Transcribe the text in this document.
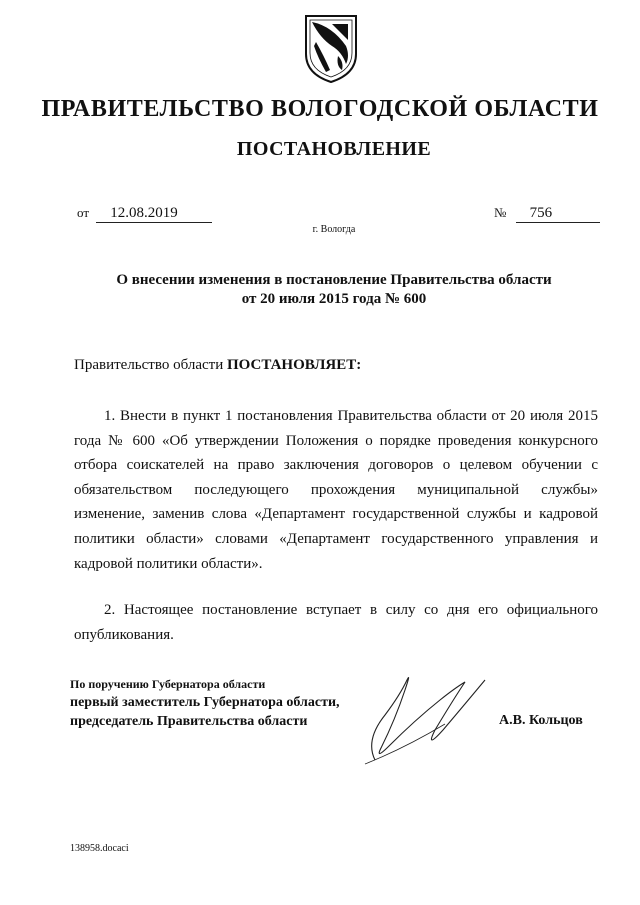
ПРАВИТЕЛЬСТВО ВОЛОГОДСКОЙ ОБЛАСТИ
ПОСТАНОВЛЕНИЕ
от 12.08.2019	№ 756
г. Вологда
О внесении изменения в постановление Правительства области
от 20 июля 2015 года № 600
Правительство области ПОСТАНОВЛЯЕТ:
1. Внести в пункт 1 постановления Правительства области от 20 июля 2015 года № 600 «Об утверждении Положения о порядке проведения конкурсного отбора соискателей на право заключения договоров о целевом обучении с обязательством последующего прохождения муниципальной службы» изменение, заменив слова «Департамент государственной службы и кадровой политики области» словами «Департамент государственного управления и кадровой политики области».
2. Настоящее постановление вступает в силу со дня его официального опубликования.
По поручению Губернатора области
первый заместитель Губернатора области,
председатель Правительства области	А.В. Кольцов
138958.docaci
